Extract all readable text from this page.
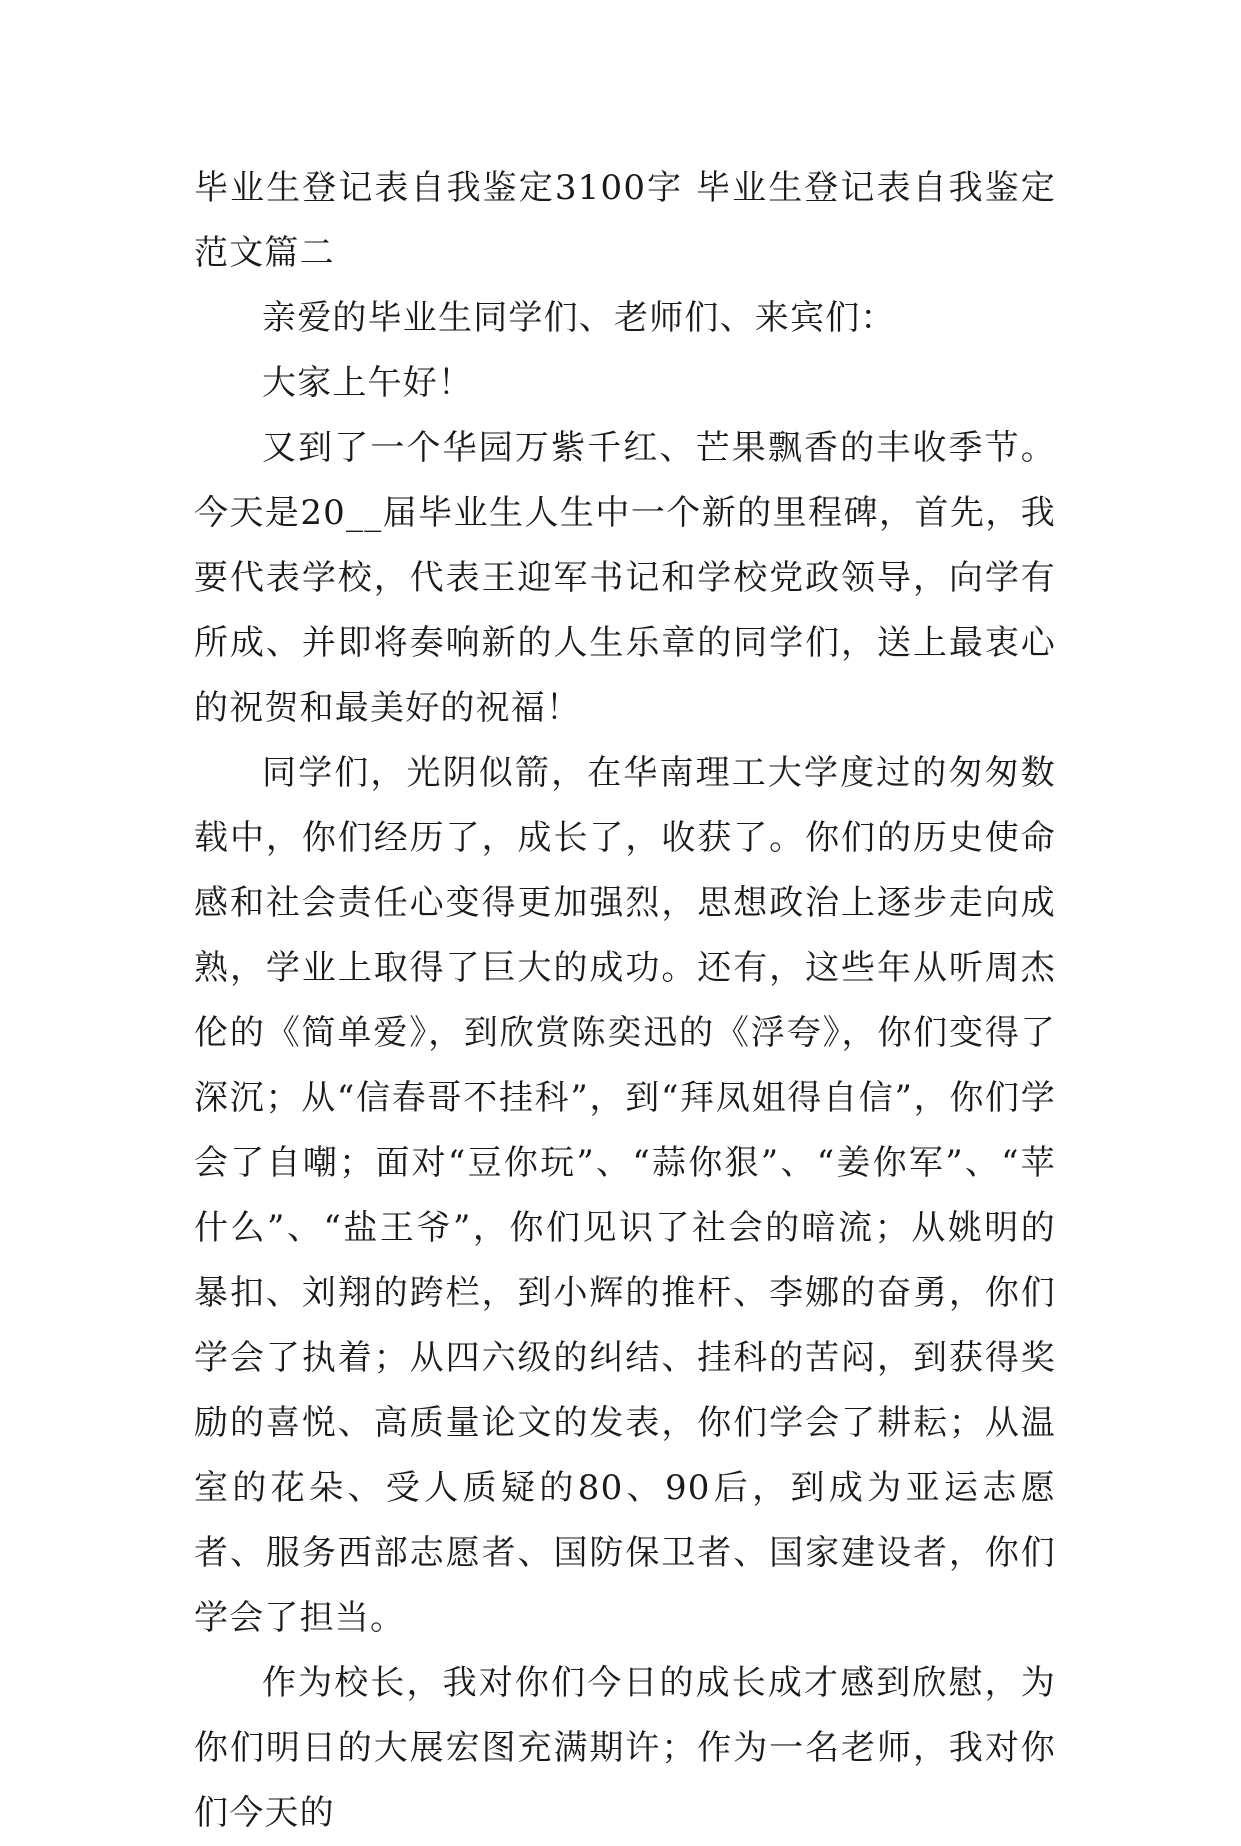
毕业生登记表自我鉴定3100字 毕业生登记表自我鉴定范文篇二

亲爱的毕业生同学们、老师们、来宾们：

大家上午好！

又到了一个华园万紫千红、芒果飘香的丰收季节。今天是20__届毕业生人生中一个新的里程碑，首先，我要代表学校，代表王迎军书记和学校党政领导，向学有所成、并即将奏响新的人生乐章的同学们，送上最衷心的祝贺和最美好的祝福！

同学们，光阴似箭，在华南理工大学度过的匆匆数载中，你们经历了，成长了，收获了。你们的历史使命感和社会责任心变得更加强烈，思想政治上逐步走向成熟，学业上取得了巨大的成功。还有，这些年从听周杰伦的《简单爱》，到欣赏陈奕迅的《浮夸》，你们变得了深沉；从“信春哥不挂科”，到“拜凤姐得自信”，你们学会了自嘲；面对“豆你玩”、“蒜你狠”、“姜你军”、“苹什么”、“盐王爷”，你们见识了社会的暗流；从姚明的暴扣、刘翔的跨栏，到小辉的推杆、李娜的奋勇，你们学会了执着；从四六级的纠结、挂科的苦闷，到获得奖励的喜悦、高质量论文的发表，你们学会了耕耘；从温室的花朵、受人质疑的80、90后，到成为亚运志愿者、服务西部志愿者、国防保卫者、国家建设者，你们学会了担当。

作为校长，我对你们今日的成长成才感到欣慰，为你们明日的大展宏图充满期许；作为一名老师，我对你们今天的
